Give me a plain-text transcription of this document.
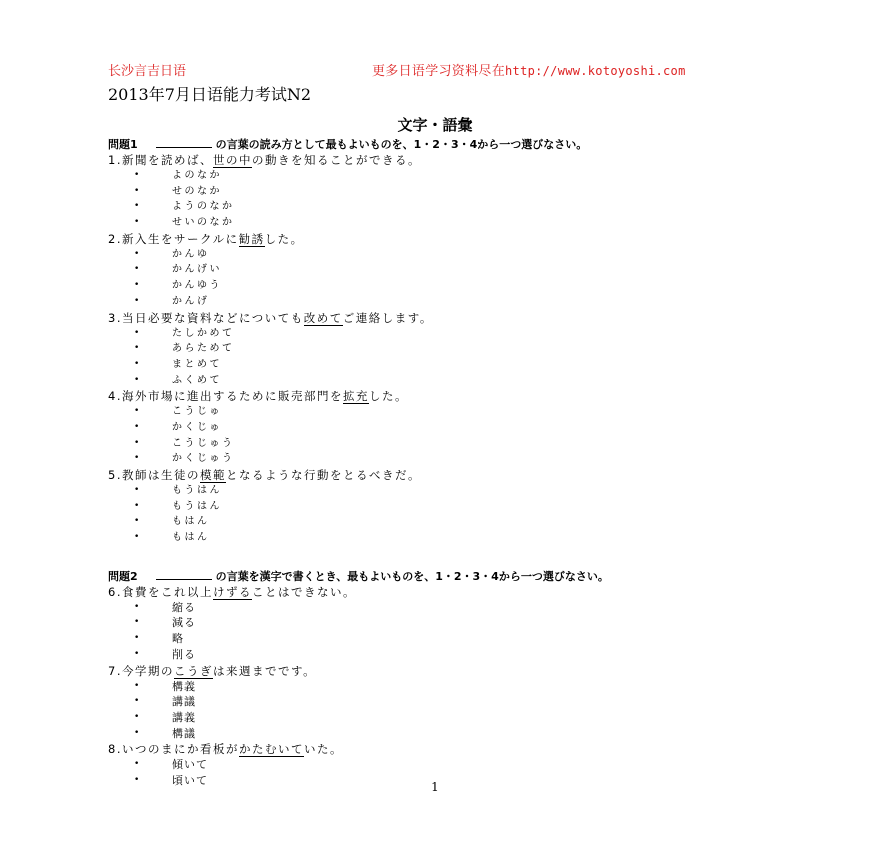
长沙言吉日语	更多日语学习资料尽在http://www.kotoyoshi.com
2013年7月日语能力考试N2
文字・語彙
問題1	の言葉の読み方として最もよいものを、1・2・3・4から一つ選びなさい。
1.新聞を読めば、世の中の動きを知ることができる。
•	よのなか
•	せのなか
•	ようのなか
•	せいのなか
2.新入生をサークルに勧誘した。
•	かんゆ
•	かんげい
•	かんゆう
•	かんげ
3.当日必要な資料などについても改めてご連絡します。
•	たしかめて
•	あらためて
•	まとめて
•	ふくめて
4.海外市場に進出するために販売部門を拡充した。
•	こうじゅ
•	かくじゅ
•	こうじゅう
•	かくじゅう
5.教師は生徒の模範となるような行動をとるべきだ。
•	もうはん
•	もうはん
•	もはん
•	もはん
問題2	の言葉を漢字で書くとき、最もよいものを、1・2・3・4から一つ選びなさい。
6.食費をこれ以上けずることはできない。
•	縮る
•	減る
•	略
•	削る
7.今学期のこうぎは来週までです。
•	構義
•	講議
•	講義
•	構議
8.いつのまにか看板がかたむいていた。
•	傾いて
•	頃いて	1
